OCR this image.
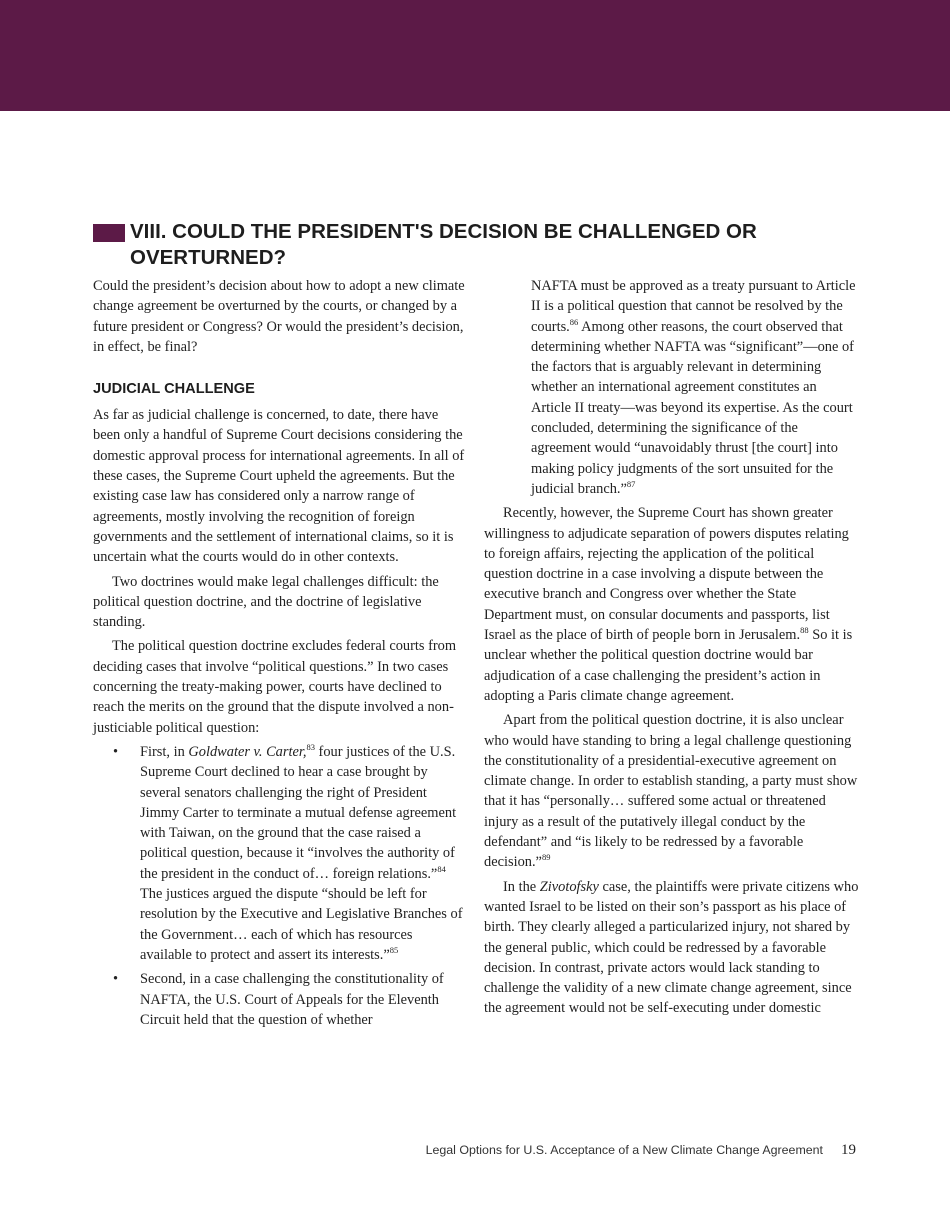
VIII. COULD THE PRESIDENT'S DECISION BE CHALLENGED OR
OVERTURNED?

Could the president’s decision about how to adopt a new climate change agreement be overturned by the courts, or changed by a future president or Congress? Or would the president’s decision, in effect, be final?

JUDICIAL CHALLENGE

As far as judicial challenge is concerned, to date, there have been only a handful of Supreme Court decisions considering the domestic approval process for international agreements. In all of these cases, the Supreme Court upheld the agreements. But the existing case law has considered only a narrow range of agreements, mostly involving the recognition of foreign governments and the settlement of international claims, so it is uncertain what the courts would do in other contexts.

Two doctrines would make legal challenges difficult: the political question doctrine, and the doctrine of legislative standing.

The political question doctrine excludes federal courts from deciding cases that involve “political questions.” In two cases concerning the treaty-making power, courts have declined to reach the merits on the ground that the dispute involved a non-justiciable political question:

• First, in Goldwater v. Carter,$^{83}$ four justices of the U.S. Supreme Court declined to hear a case brought by several senators challenging the right of President Jimmy Carter to terminate a mutual defense agreement with Taiwan, on the ground that the case raised a political question, because it “involves the authority of the president in the conduct of… foreign relations.”$^{84}$ The justices argued the dispute “should be left for resolution by the Executive and Legislative Branches of the Government… each of which has resources available to protect and assert its interests.”$^{85}$
• Second, in a case challenging the constitutionality of NAFTA, the U.S. Court of Appeals for the Eleventh Circuit held that the question of whether
NAFTA must be approved as a treaty pursuant to Article II is a political question that cannot be resolved by the courts.$^{86}$ Among other reasons, the court observed that determining whether NAFTA was “significant”—one of the factors that is arguably relevant in determining whether an international agreement constitutes an Article II treaty—was beyond its expertise. As the court concluded, determining the significance of the agreement would “unavoidably thrust [the court] into making policy judgments of the sort unsuited for the judicial branch.”$^{87}$

Recently, however, the Supreme Court has shown greater willingness to adjudicate separation of powers disputes relating to foreign affairs, rejecting the application of the political question doctrine in a case involving a dispute between the executive branch and Congress over whether the State Department must, on consular documents and passports, list Israel as the place of birth of people born in Jerusalem.$^{88}$ So it is unclear whether the political question doctrine would bar adjudication of a case challenging the president’s action in adopting a Paris climate change agreement.

Apart from the political question doctrine, it is also unclear who would have standing to bring a legal challenge questioning the constitutionality of a presidential-executive agreement on climate change. In order to establish standing, a party must show that it has “personally… suffered some actual or threatened injury as a result of the putatively illegal conduct by the defendant” and “is likely to be redressed by a favorable decision.”$^{89}$

In the Zivotofsky case, the plaintiffs were private citizens who wanted Israel to be listed on their son’s passport as his place of birth. They clearly alleged a particularized injury, not shared by the general public, which could be redressed by a favorable decision. In contrast, private actors would lack standing to challenge the validity of a new climate change agreement, since the agreement would not be self-executing under domestic

Legal Options for U.S. Acceptance of a New Climate Change Agreement 19
